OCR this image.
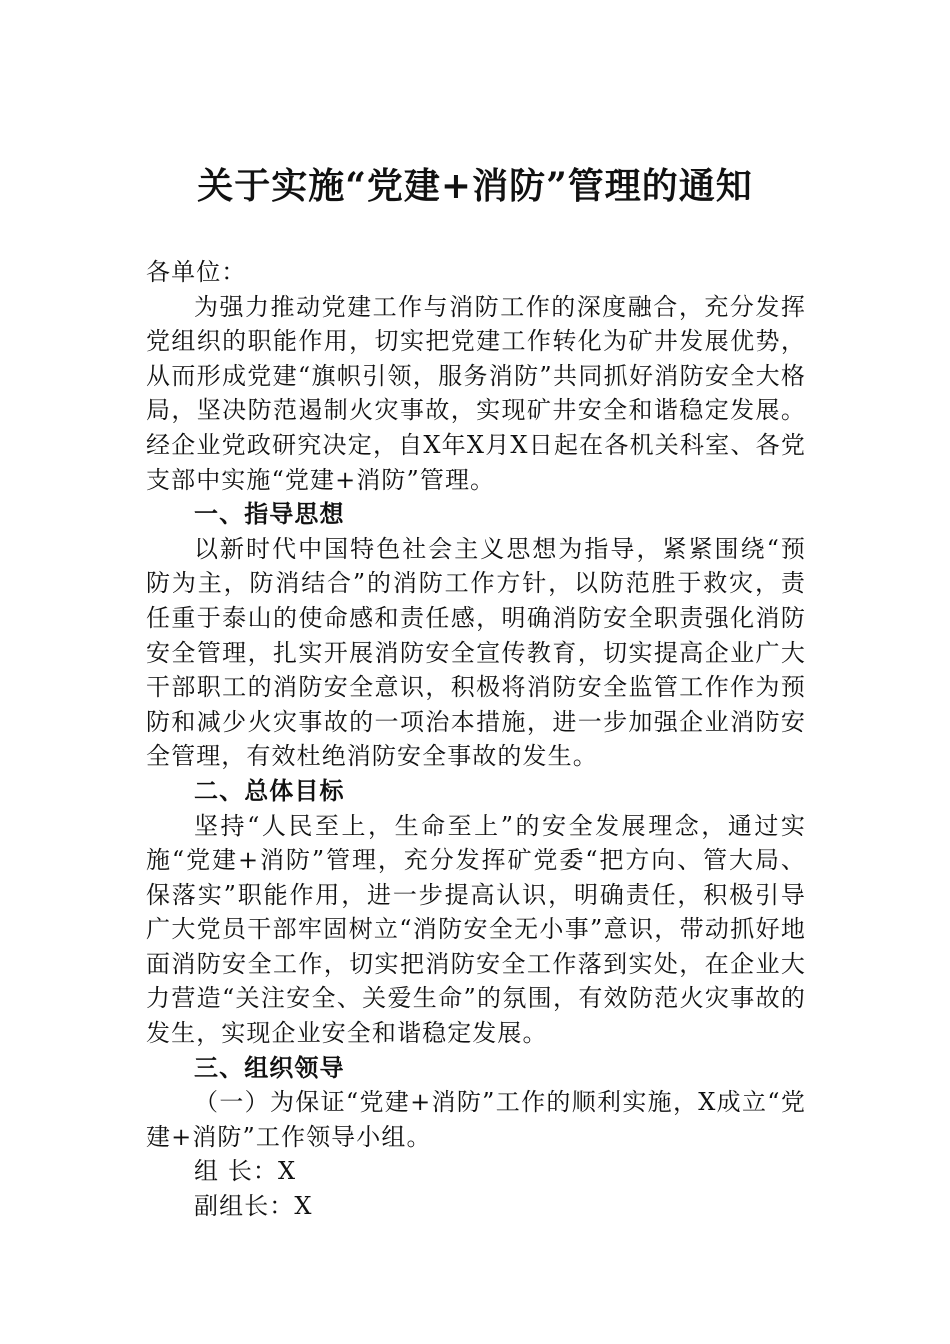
关于实施“党建+消防”管理的通知

各单位：

为强力推动党建工作与消防工作的深度融合，充分发挥党组织的职能作用，切实把党建工作转化为矿井发展优势，从而形成党建“旗帜引领，服务消防”共同抓好消防安全大格局，坚决防范遏制火灾事故，实现矿井安全和谐稳定发展。经企业党政研究决定，自X年X月X日起在各机关科室、各党支部中实施“党建+消防”管理。

一、指导思想

以新时代中国特色社会主义思想为指导，紧紧围绕“预防为主，防消结合”的消防工作方针，以防范胜于救灾，责任重于泰山的使命感和责任感，明确消防安全职责强化消防安全管理，扎实开展消防安全宣传教育，切实提高企业广大干部职工的消防安全意识，积极将消防安全监管工作作为预防和减少火灾事故的一项治本措施，进一步加强企业消防安全管理，有效杜绝消防安全事故的发生。

二、总体目标

坚持“人民至上，生命至上”的安全发展理念，通过实施“党建+消防”管理，充分发挥矿党委“把方向、管大局、保落实”职能作用，进一步提高认识，明确责任，积极引导广大党员干部牢固树立“消防安全无小事”意识，带动抓好地面消防安全工作，切实把消防安全工作落到实处，在企业大力营造“关注安全、关爱生命”的氛围，有效防范火灾事故的发生，实现企业安全和谐稳定发展。

三、组织领导

（一）为保证“党建+消防”工作的顺利实施，X成立“党建+消防”工作领导小组。

组 长：X

副组长：X
